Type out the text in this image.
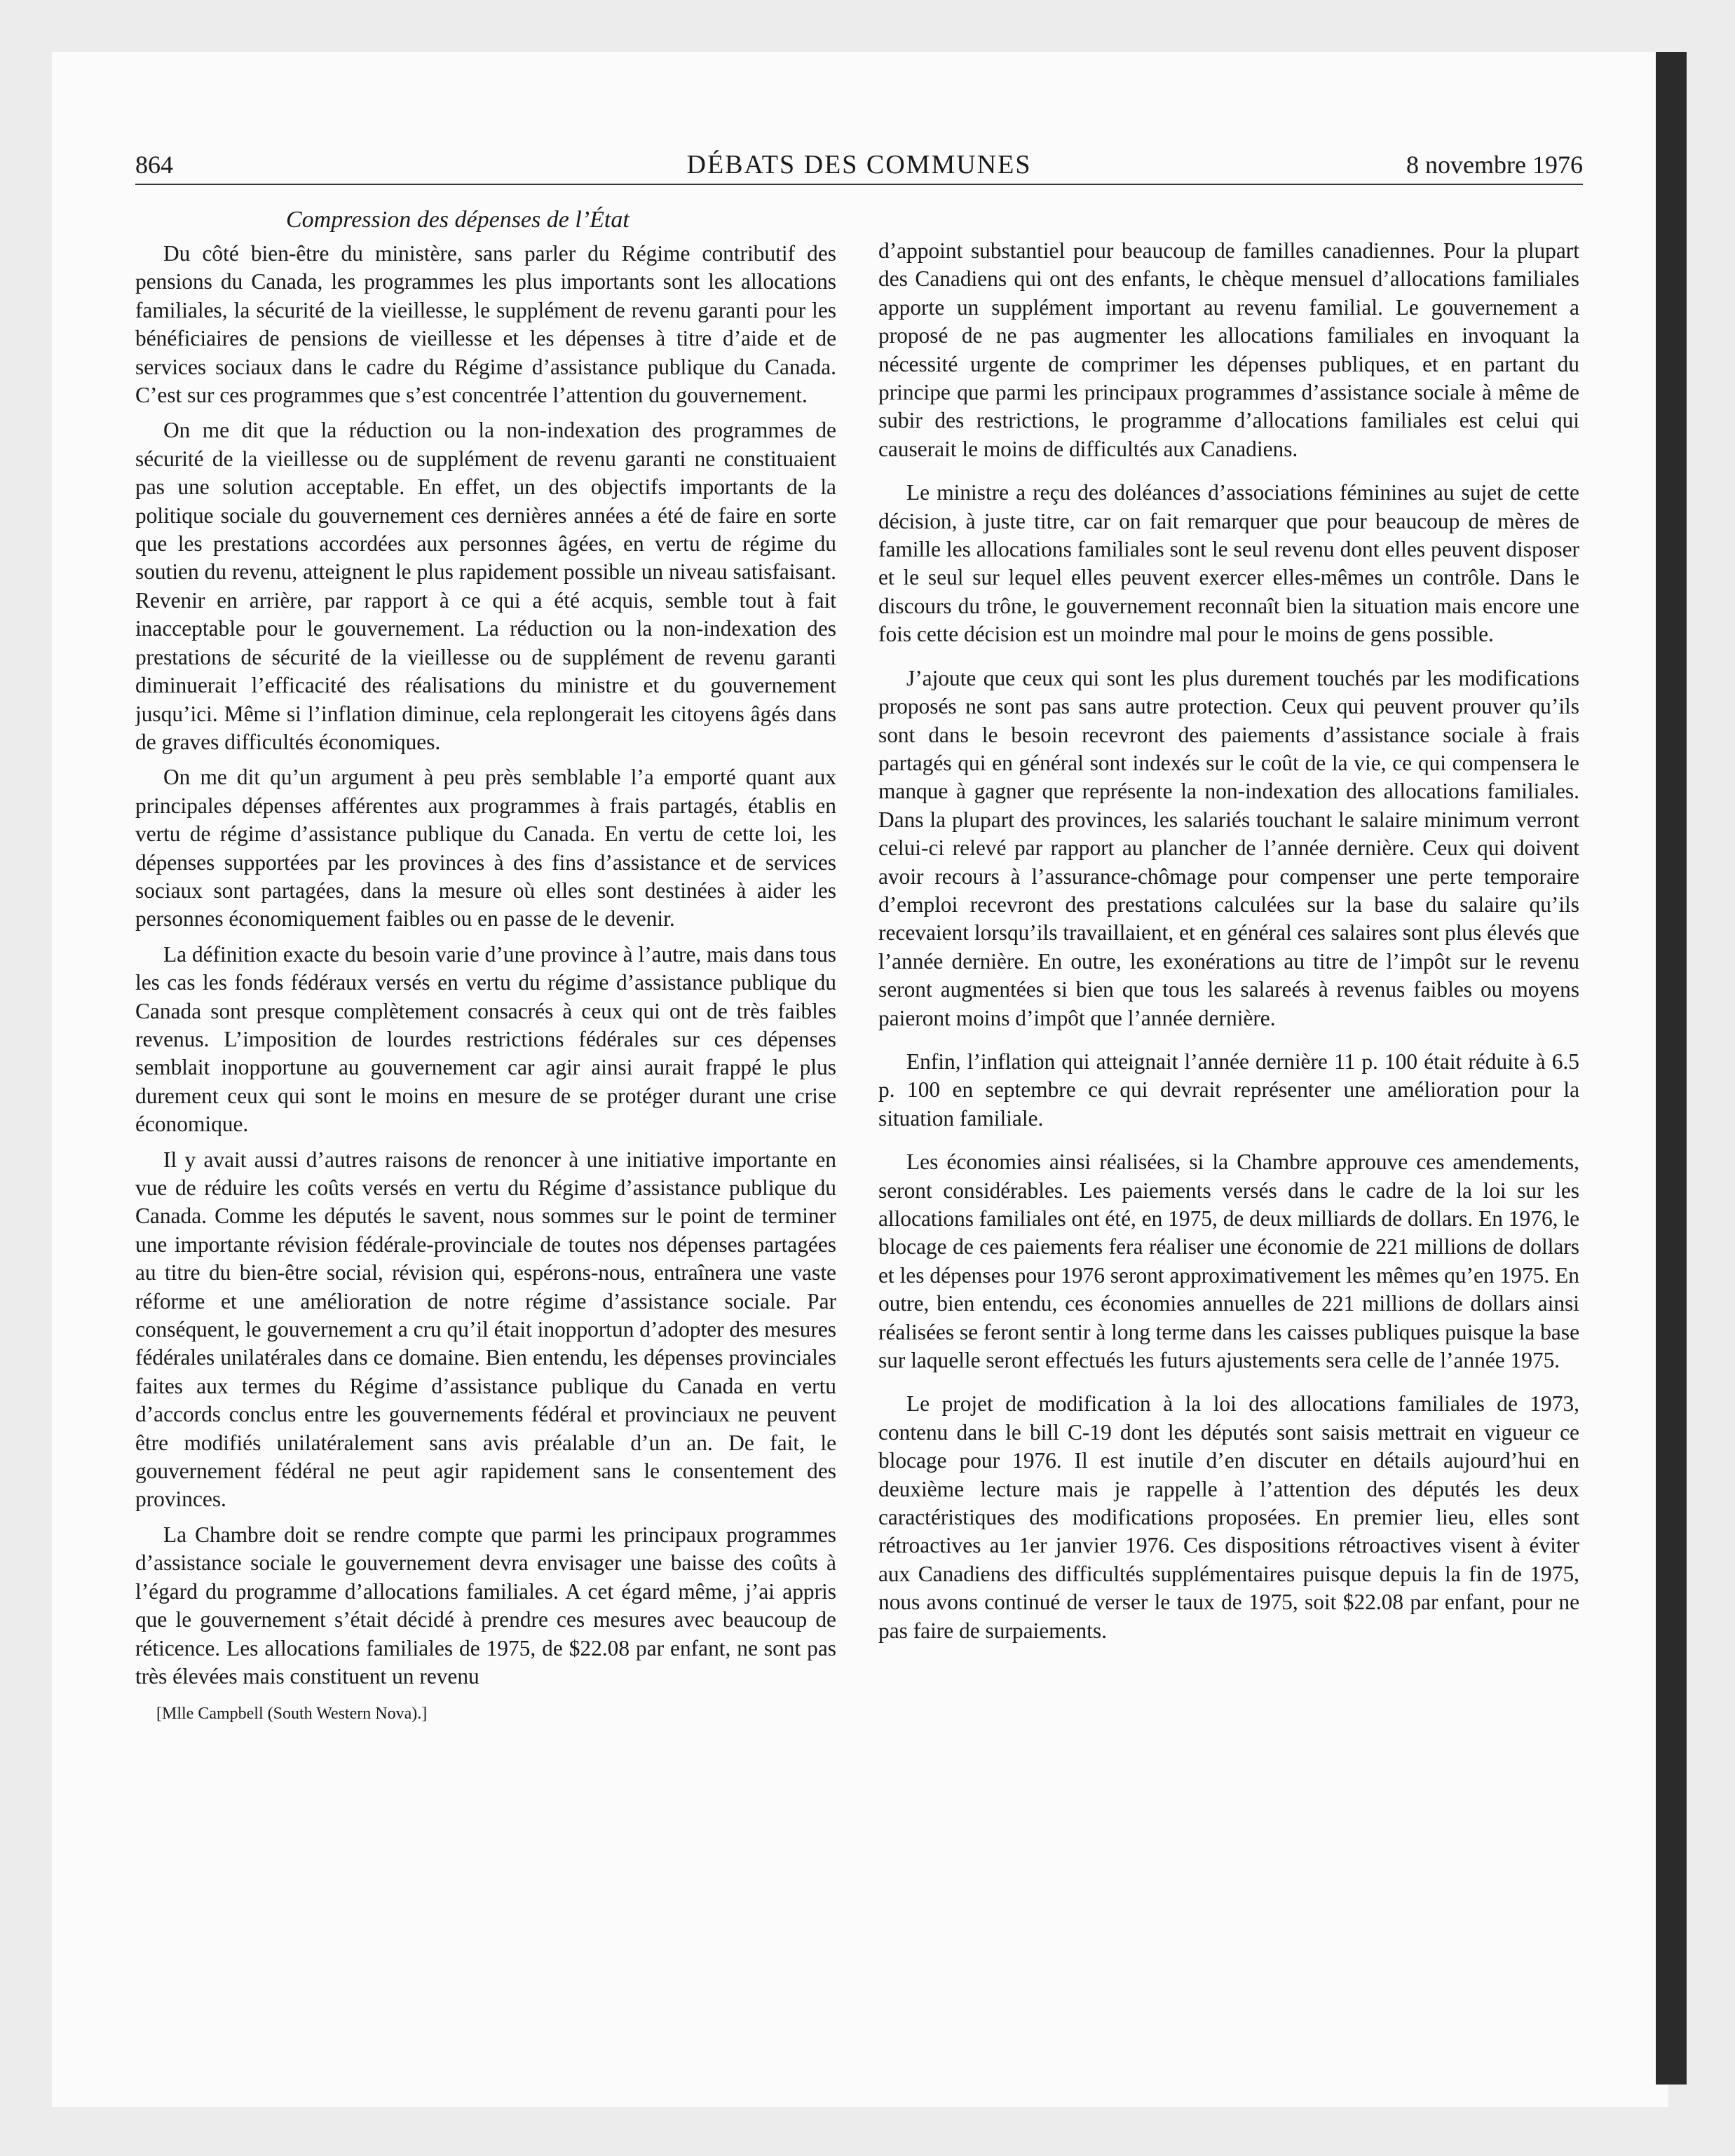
864	DÉBATS DES COMMUNES	8 novembre 1976
Compression des dépenses de l’État

Du côté bien-être du ministère, sans parler du Régime contributif des pensions du Canada, les programmes les plus importants sont les allocations familiales, la sécurité de la vieillesse, le supplément de revenu garanti pour les bénéficiaires de pensions de vieillesse et les dépenses à titre d’aide et de services sociaux dans le cadre du Régime d’assistance publique du Canada. C’est sur ces programmes que s’est concentrée l’attention du gouvernement.

On me dit que la réduction ou la non-indexation des programmes de sécurité de la vieillesse ou de supplément de revenu garanti ne constituaient pas une solution acceptable. En effet, un des objectifs importants de la politique sociale du gouvernement ces dernières années a été de faire en sorte que les prestations accordées aux personnes âgées, en vertu de régime du soutien du revenu, atteignent le plus rapidement possible un niveau satisfaisant. Revenir en arrière, par rapport à ce qui a été acquis, semble tout à fait inacceptable pour le gouvernement. La réduction ou la non-indexation des prestations de sécurité de la vieillesse ou de supplément de revenu garanti diminuerait l’efficacité des réalisations du ministre et du gouvernement jusqu’ici. Même si l’inflation diminue, cela replongerait les citoyens âgés dans de graves difficultés économiques.

On me dit qu’un argument à peu près semblable l’a emporté quant aux principales dépenses afférentes aux programmes à frais partagés, établis en vertu de régime d’assistance publique du Canada. En vertu de cette loi, les dépenses supportées par les provinces à des fins d’assistance et de services sociaux sont partagées, dans la mesure où elles sont destinées à aider les personnes économiquement faibles ou en passe de le devenir.

La définition exacte du besoin varie d’une province à l’autre, mais dans tous les cas les fonds fédéraux versés en vertu du régime d’assistance publique du Canada sont presque complètement consacrés à ceux qui ont de très faibles revenus. L’imposition de lourdes restrictions fédérales sur ces dépenses semblait inopportune au gouvernement car agir ainsi aurait frappé le plus durement ceux qui sont le moins en mesure de se protéger durant une crise économique.

Il y avait aussi d’autres raisons de renoncer à une initiative importante en vue de réduire les coûts versés en vertu du Régime d’assistance publique du Canada. Comme les députés le savent, nous sommes sur le point de terminer une importante révision fédérale-provinciale de toutes nos dépenses partagées au titre du bien-être social, révision qui, espérons-nous, entraînera une vaste réforme et une amélioration de notre régime d’assistance sociale. Par conséquent, le gouvernement a cru qu’il était inopportun d’adopter des mesures fédérales unilatérales dans ce domaine. Bien entendu, les dépenses provinciales faites aux termes du Régime d’assistance publique du Canada en vertu d’accords conclus entre les gouvernements fédéral et provinciaux ne peuvent être modifiés unilatéralement sans avis préalable d’un an. De fait, le gouvernement fédéral ne peut agir rapidement sans le consentement des provinces.

La Chambre doit se rendre compte que parmi les principaux programmes d’assistance sociale le gouvernement devra envisager une baisse des coûts à l’égard du programme d’allocations familiales. A cet égard même, j’ai appris que le gouvernement s’était décidé à prendre ces mesures avec beaucoup de réticence. Les allocations familiales de 1975, de $22.08 par enfant, ne sont pas très élevées mais constituent un revenu

[Mlle Campbell (South Western Nova).]

d’appoint substantiel pour beaucoup de familles canadiennes. Pour la plupart des Canadiens qui ont des enfants, le chèque mensuel d’allocations familiales apporte un supplément important au revenu familial. Le gouvernement a proposé de ne pas augmenter les allocations familiales en invoquant la nécessité urgente de comprimer les dépenses publiques, et en partant du principe que parmi les principaux programmes d’assistance sociale à même de subir des restrictions, le programme d’allocations familiales est celui qui causerait le moins de difficultés aux Canadiens.

Le ministre a reçu des doléances d’associations féminines au sujet de cette décision, à juste titre, car on fait remarquer que pour beaucoup de mères de famille les allocations familiales sont le seul revenu dont elles peuvent disposer et le seul sur lequel elles peuvent exercer elles-mêmes un contrôle. Dans le discours du trône, le gouvernement reconnaît bien la situation mais encore une fois cette décision est un moindre mal pour le moins de gens possible.

J’ajoute que ceux qui sont les plus durement touchés par les modifications proposés ne sont pas sans autre protection. Ceux qui peuvent prouver qu’ils sont dans le besoin recevront des paiements d’assistance sociale à frais partagés qui en général sont indexés sur le coût de la vie, ce qui compensera le manque à gagner que représente la non-indexation des allocations familiales. Dans la plupart des provinces, les salariés touchant le salaire minimum verront celui-ci relevé par rapport au plancher de l’année dernière. Ceux qui doivent avoir recours à l’assurance-chômage pour compenser une perte temporaire d’emploi recevront des prestations calculées sur la base du salaire qu’ils recevaient lorsqu’ils travaillaient, et en général ces salaires sont plus élevés que l’année dernière. En outre, les exonérations au titre de l’impôt sur le revenu seront augmentées si bien que tous les salareés à revenus faibles ou moyens paieront moins d’impôt que l’année dernière.

Enfin, l’inflation qui atteignait l’année dernière 11 p. 100 était réduite à 6.5 p. 100 en septembre ce qui devrait représenter une amélioration pour la situation familiale.

Les économies ainsi réalisées, si la Chambre approuve ces amendements, seront considérables. Les paiements versés dans le cadre de la loi sur les allocations familiales ont été, en 1975, de deux milliards de dollars. En 1976, le blocage de ces paiements fera réaliser une économie de 221 millions de dollars et les dépenses pour 1976 seront approximativement les mêmes qu’en 1975. En outre, bien entendu, ces économies annuelles de 221 millions de dollars ainsi réalisées se feront sentir à long terme dans les caisses publiques puisque la base sur laquelle seront effectués les futurs ajustements sera celle de l’année 1975.

Le projet de modification à la loi des allocations familiales de 1973, contenu dans le bill C-19 dont les députés sont saisis mettrait en vigueur ce blocage pour 1976. Il est inutile d’en discuter en détails aujourd’hui en deuxième lecture mais je rappelle à l’attention des députés les deux caractéristiques des modifications proposées. En premier lieu, elles sont rétroactives au 1er janvier 1976. Ces dispositions rétroactives visent à éviter aux Canadiens des difficultés supplémentaires puisque depuis la fin de 1975, nous avons continué de verser le taux de 1975, soit $22.08 par enfant, pour ne pas faire de surpaiements.
